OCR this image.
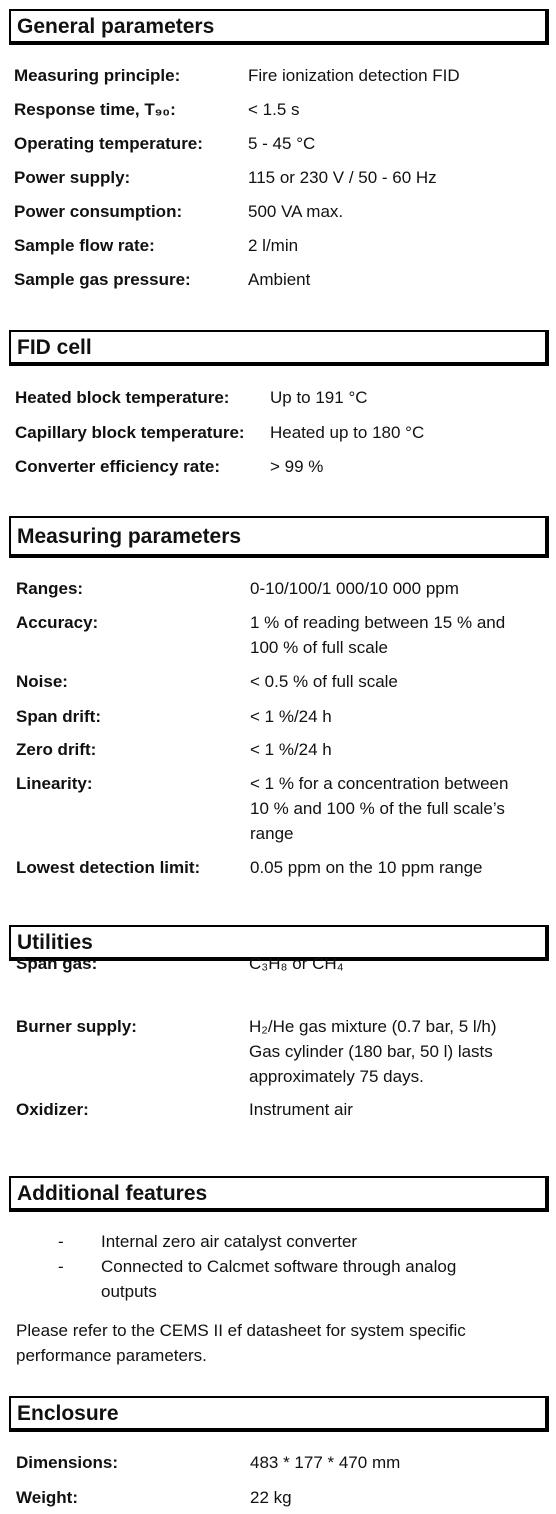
General parameters
Measuring principle:	Fire ionization detection FID
Response time, T₉₀:	< 1.5 s
Operating temperature:	5 - 45 °C
Power supply:	115 or 230 V / 50 - 60 Hz
Power consumption:	500 VA max.
Sample flow rate:	2 l/min
Sample gas pressure:	Ambient
FID cell
Heated block temperature: Up to 191 °C
Capillary block temperature: Heated up to 180 °C
Converter efficiency rate:	> 99 %
Measuring parameters
Ranges:	0-10/100/1 000/10 000 ppm
Accuracy:	1 % of reading between 15 % and
100 % of full scale
Noise:	< 0.5 % of full scale
Span drift:	< 1 %/24 h
Zero drift:	< 1 %/24 h
Linearity:	< 1 % for a concentration between
10 % and 100 % of the full scale’s
range
Lowest detection limit:	0.05 ppm on the 10 ppm range
Utilities
Span gas:	C₃H₈ or CH₄
Burner supply:	H₂/He gas mixture (0.7 bar, 5 l/h)
Gas cylinder (180 bar, 50 l) lasts
approximately 75 days.
Oxidizer:	Instrument air
Additional features
- Internal zero air catalyst converter
- Connected to Calcmet software through analog
outputs
Please refer to the CEMS II ef datasheet for system specific
performance parameters.
Enclosure
Dimensions:	483 * 177 * 470 mm
Weight:	22 kg
